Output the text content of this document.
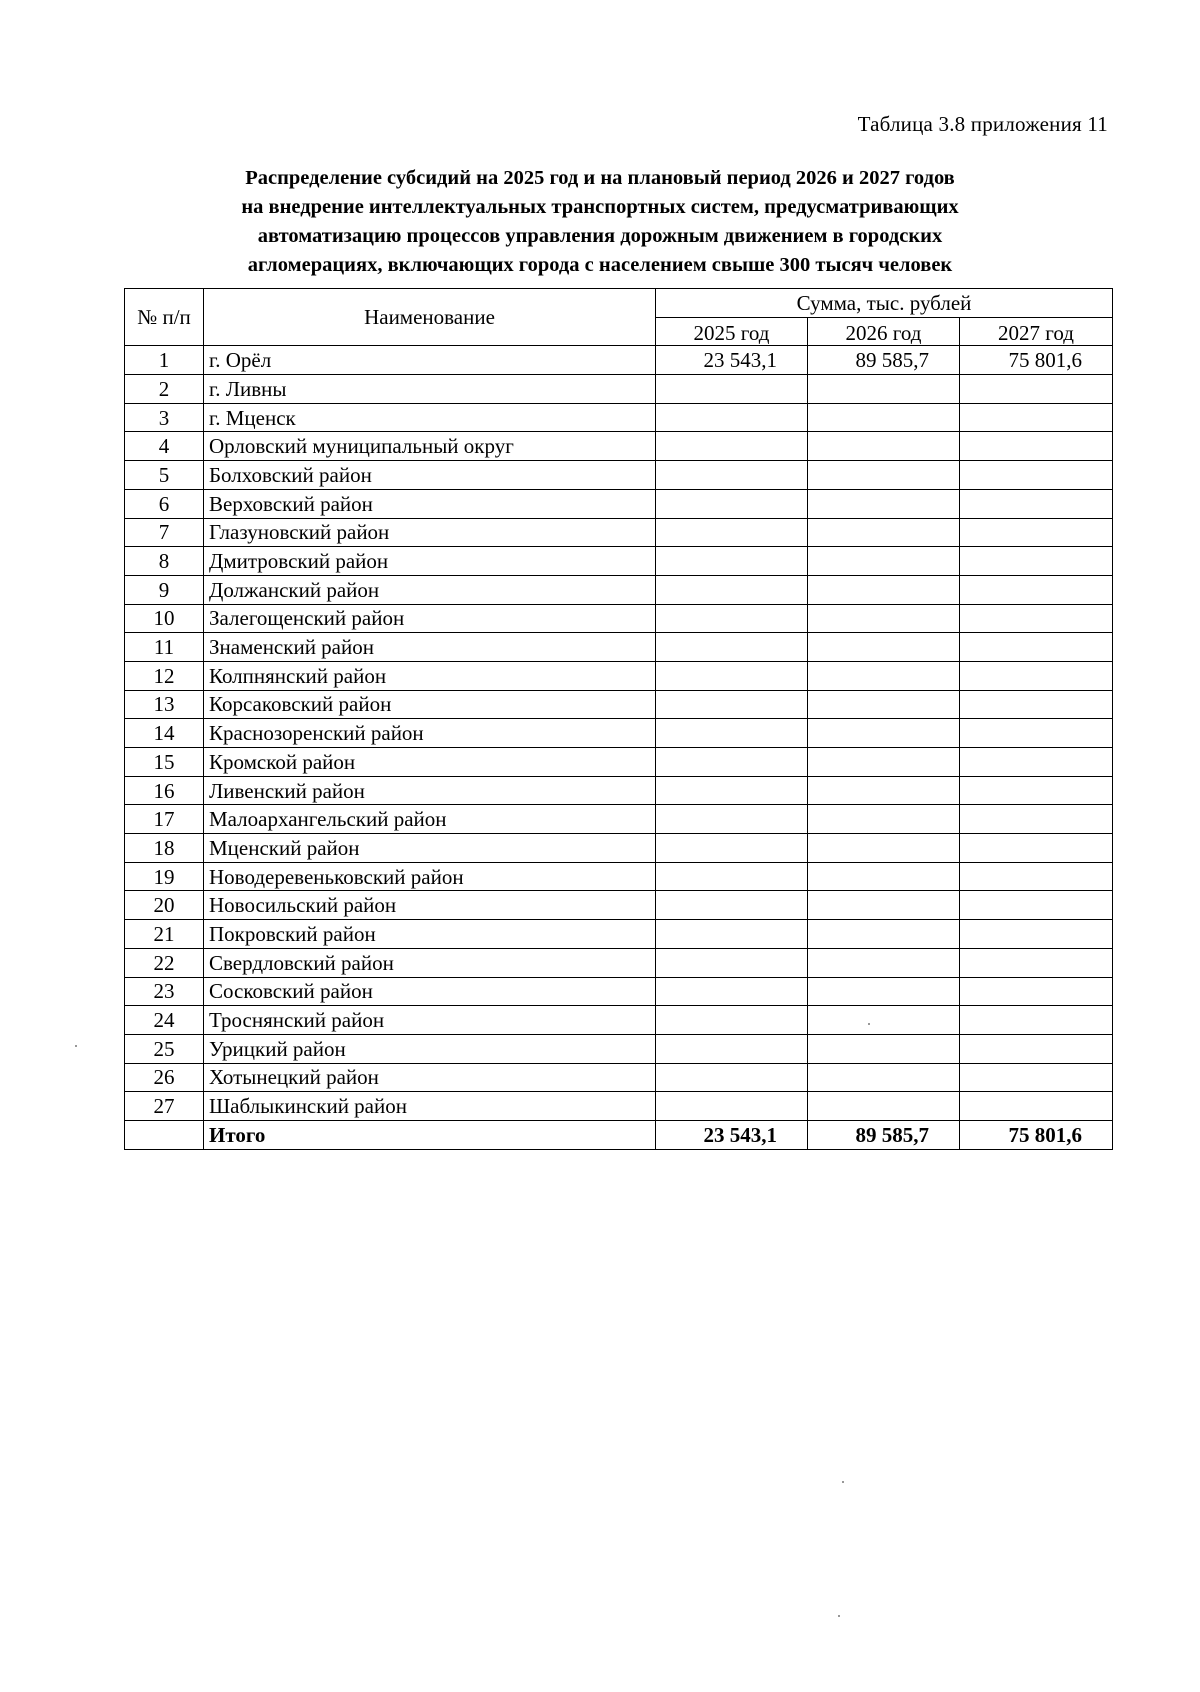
Таблица 3.8 приложения 11
Распределение субсидий на 2025 год и на плановый период 2026 и 2027 годов
на внедрение интеллектуальных транспортных систем, предусматривающих
автоматизацию процессов управления дорожным движением в городских
агломерациях, включающих города с населением свыше 300 тысяч человек
№ п/п	Наименование	Сумма, тыс. рублей		
		2025 год	2026 год	2027 год
1	г. Орёл	23 543,1	89 585,7	75 801,6
2	г. Ливны			
3	г. Мценск			
4	Орловский муниципальный округ			
5	Болховский район			
6	Верховский район			
7	Глазуновский район			
8	Дмитровский район			
9	Должанский район			
10	Залегощенский район			
11	Знаменский район			
12	Колпнянский район			
13	Корсаковский район			
14	Краснозоренский район			
15	Кромской район			
16	Ливенский район			
17	Малоархангельский район			
18	Мценский район			
19	Новодеревеньковский район			
20	Новосильский район			
21	Покровский район			
22	Свердловский район			
23	Сосковский район			
24	Троснянский район			
25	Урицкий район			
26	Хотынецкий район			
27	Шаблыкинский район			
	Итого	23 543,1	89 585,7	75 801,6
